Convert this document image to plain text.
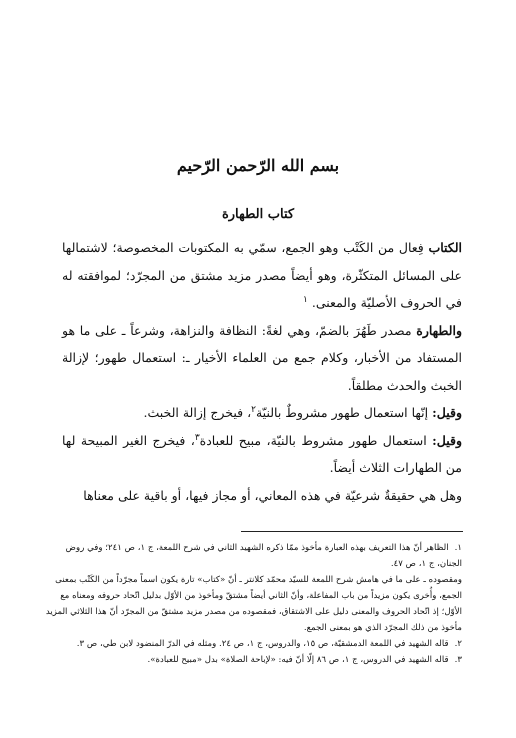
بسم الله الرّحمن الرّحيم
كتاب الطهارة

الكتاب فِعال من الكَتْب وهو الجمع، سمّي به المكتوبات المخصوصة؛ لاشتمالها على المسائل المتكثّرة، وهو أيضاً مصدر مزيد مشتق من المجرّد؛ لموافقته له في الحروف الأصليّة والمعنى. $^١$

والطهارة مصدر طَهُرَ بالضمّ، وهي لغةً: النظافة والنزاهة، وشرعاً ـ على ما هو المستفاد من الأخبار، وكلام جمع من العلماء الأخيار ـ: استعمال طهور؛ لإزالة الخبث والحدث مطلقاً.

وقيل: إنّها استعمال طهور مشروطٌ بالنيّة$^٢$، فيخرج إزالة الخبث.

وقيل: استعمال طهور مشروط بالنيّة، مبيح للعبادة$^٣$، فيخرج الغير المبيحة لها من الطهارات الثلاث أيضاً.

وهل هي حقيقةٌ شرعيّة في هذه المعاني، أو مجاز فيها، أو باقية على معناها

١.الظاهر أنّ هذا التعريف بهذه العبارة مأخوذ ممّا ذكره الشهيد الثاني في شرح اللمعة، ج ١، ص ٢٤١؛ وفي روض الجنان، ج ١، ص ٤٧.

ومقصوده ـ على ما في هامش شرح اللمعة للسيّد محمّد كلانتر ـ أنّ «كتاب» تارة يكون اسماً مجرّداً من الكَتْب بمعنى الجمع، وأُخرى يكون مزيداً من باب المفاعلة، وأنّ الثاني أيضاً مشتقّ ومأخوذ من الأوّل بدليل اتّحاد حروفه ومعناه مع الأوّل؛ إذ اتّحاد الحروف والمعنى دليل على الاشتقاق، فمقصوده من مصدر مزيد مشتقّ من المجرّد أنّ هذا الثلاثي المزيد مأخوذ من ذلك المجرّد الذي هو بمعنى الجمع.

٢.قاله الشهيد في اللمعة الدمشقيّة، ص ١٥، والدروس، ج ١، ص ٢٤. ومثله في الدرّ المنضود لابن طي، ص ٣.

٣.قاله الشهيد في الدروس، ج ١، ص ٨٦ إلّا أنّ فيه: «لإباحة الصلاة» بدل «مبيح للعبادة».
